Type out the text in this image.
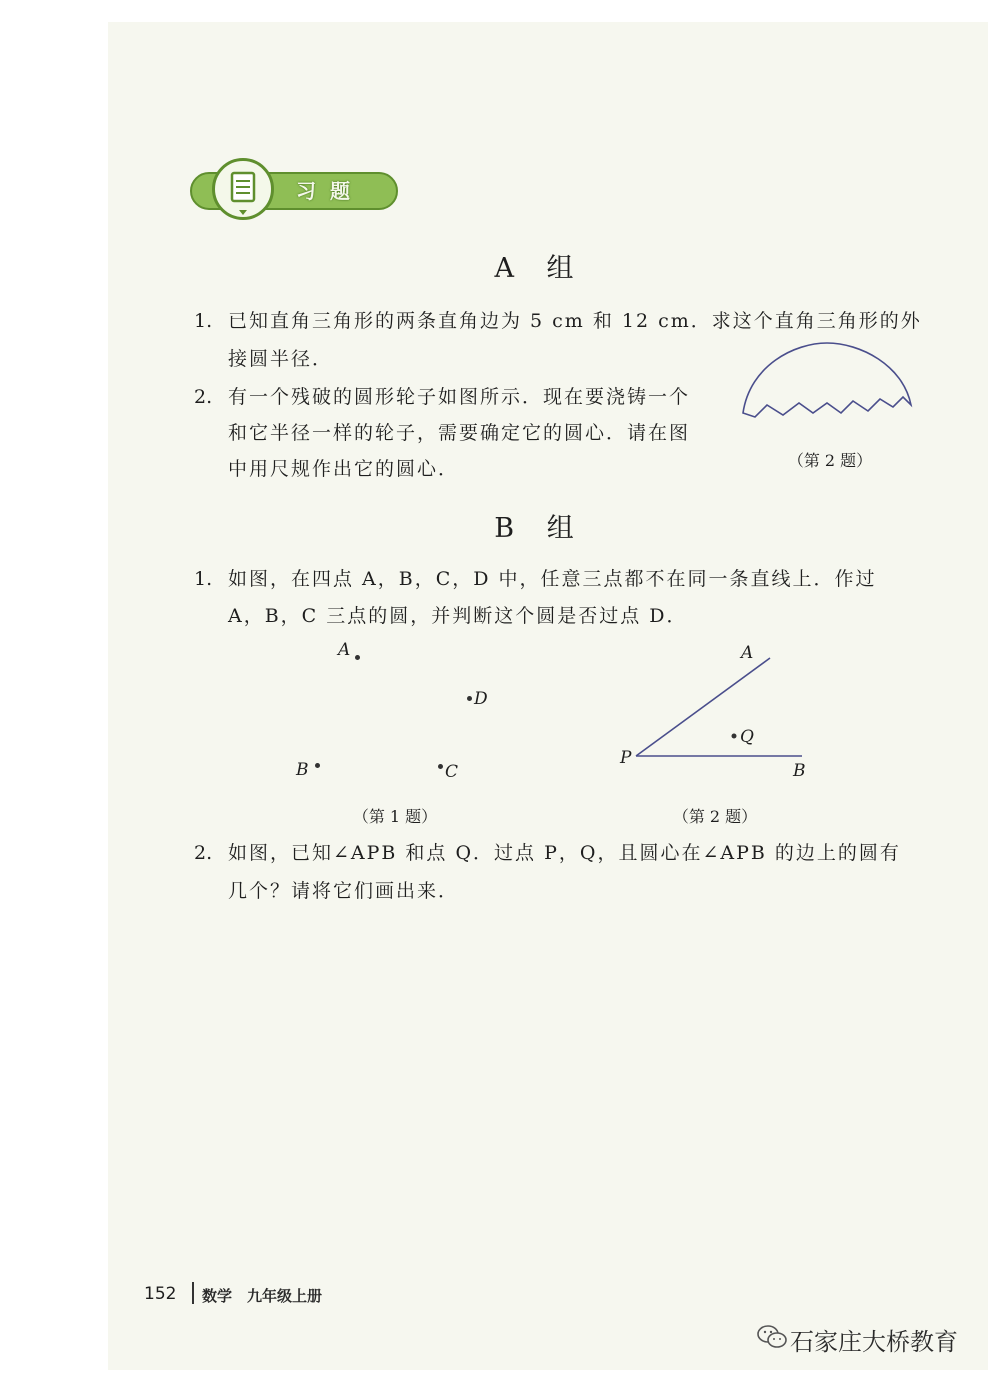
习题
A 组
1. 已知直角三角形的两条直角边为 5 cm 和 12 cm．求这个直角三角形的外
接圆半径．
2. 有一个残破的圆形轮子如图所示．现在要浇铸一个
和它半径一样的轮子，需要确定它的圆心．请在图
中用尺规作出它的圆心．	（第 2 题）
B 组
1. 如图，在四点 A，B，C，D 中，任意三点都不在同一条直线上．作过
A，B，C 三点的圆，并判断这个圆是否过点 D．
A
D
B	C
（第 1 题）
A
P
Q
B
（第 2 题）
2. 如图，已知∠APB 和点 Q．过点 P，Q，且圆心在∠APB 的边上的圆有
几个？请将它们画出来．
152 数学　九年级上册
石家庄大桥教育
